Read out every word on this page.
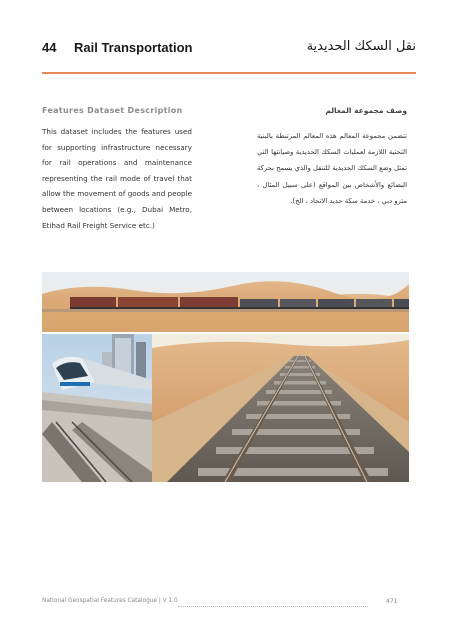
44 Rail Transportation	نقل السكك الحديدية
Features Dataset Description	وصف مجموعة المعالم
This dataset includes the features used for supporting infrastructure necessary for rail operations and maintenance representing the rail mode of travel that allow the movement of goods and people between locations (e.g., Dubai Metro, Etihad Rail Freight Service etc.)
تتضمن مجموعة المعالم هذه المعالم المرتبطة بالبنية التحتية اللازمة لعمليات السكك الحديدية وصيانتها التي تمثل وضع السكك الحديدية للتنقل والذي يسمح بحركة البضائع والأشخاص بين المواقع (على سبيل المثال ، مترو دبي ، خدمة سكة حديد الاتحاد ، الخ).
National Geospatial Features Catalogue | V 1.0	471
